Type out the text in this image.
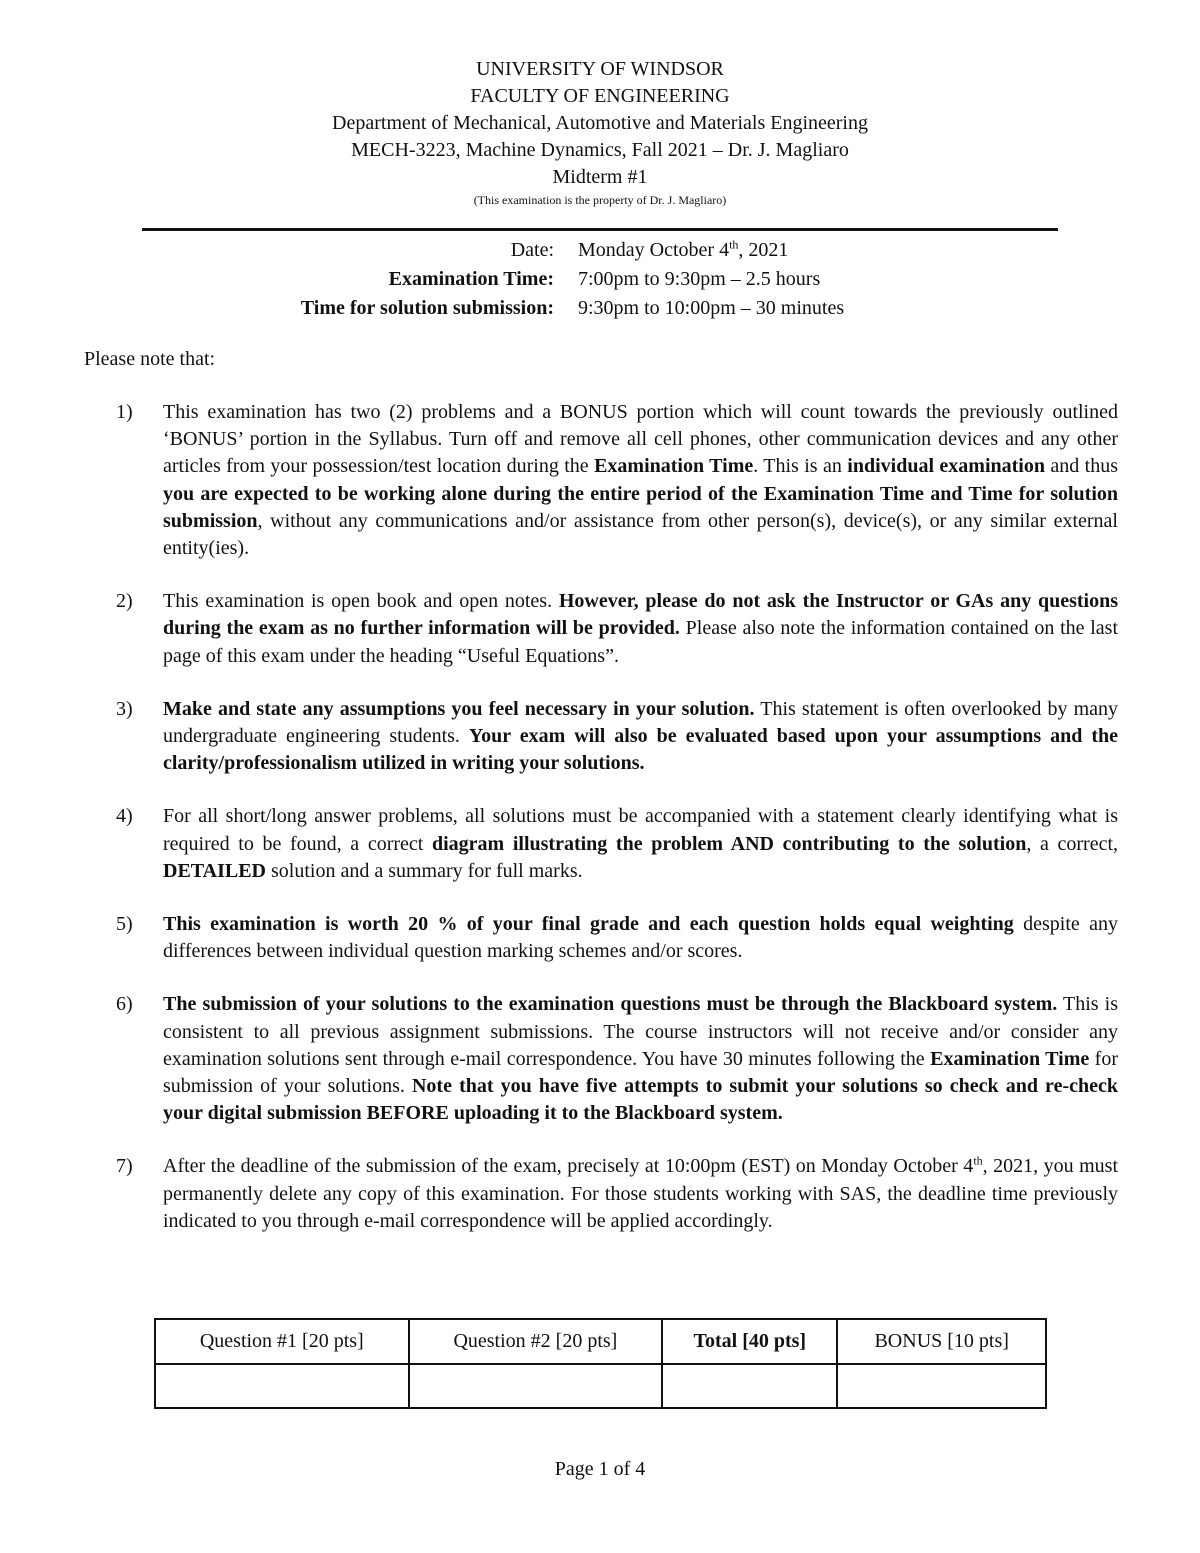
UNIVERSITY OF WINDSOR
FACULTY OF ENGINEERING
Department of Mechanical, Automotive and Materials Engineering
MECH-3223, Machine Dynamics, Fall 2021 – Dr. J. Magliaro
Midterm #1
(This examination is the property of Dr. J. Magliaro)
Date: Monday October 4th, 2021
Examination Time: 7:00pm to 9:30pm – 2.5 hours
Time for solution submission: 9:30pm to 10:00pm – 30 minutes
Please note that:
1) This examination has two (2) problems and a BONUS portion which will count towards the previously outlined ‘BONUS’ portion in the Syllabus. Turn off and remove all cell phones, other communication devices and any other articles from your possession/test location during the Examination Time. This is an individual examination and thus you are expected to be working alone during the entire period of the Examination Time and Time for solution submission, without any communications and/or assistance from other person(s), device(s), or any similar external entity(ies).
2) This examination is open book and open notes. However, please do not ask the Instructor or GAs any questions during the exam as no further information will be provided. Please also note the information contained on the last page of this exam under the heading “Useful Equations”.
3) Make and state any assumptions you feel necessary in your solution. This statement is often overlooked by many undergraduate engineering students. Your exam will also be evaluated based upon your assumptions and the clarity/professionalism utilized in writing your solutions.
4) For all short/long answer problems, all solutions must be accompanied with a statement clearly identifying what is required to be found, a correct diagram illustrating the problem AND contributing to the solution, a correct, DETAILED solution and a summary for full marks.
5) This examination is worth 20 % of your final grade and each question holds equal weighting despite any differences between individual question marking schemes and/or scores.
6) The submission of your solutions to the examination questions must be through the Blackboard system. This is consistent to all previous assignment submissions. The course instructors will not receive and/or consider any examination solutions sent through e-mail correspondence. You have 30 minutes following the Examination Time for submission of your solutions. Note that you have five attempts to submit your solutions so check and re-check your digital submission BEFORE uploading it to the Blackboard system.
7) After the deadline of the submission of the exam, precisely at 10:00pm (EST) on Monday October 4th, 2021, you must permanently delete any copy of this examination. For those students working with SAS, the deadline time previously indicated to you through e-mail correspondence will be applied accordingly.
Question #1 [20 pts]	Question #2 [20 pts]	Total [40 pts]	BONUS [10 pts]

Page 1 of 4
